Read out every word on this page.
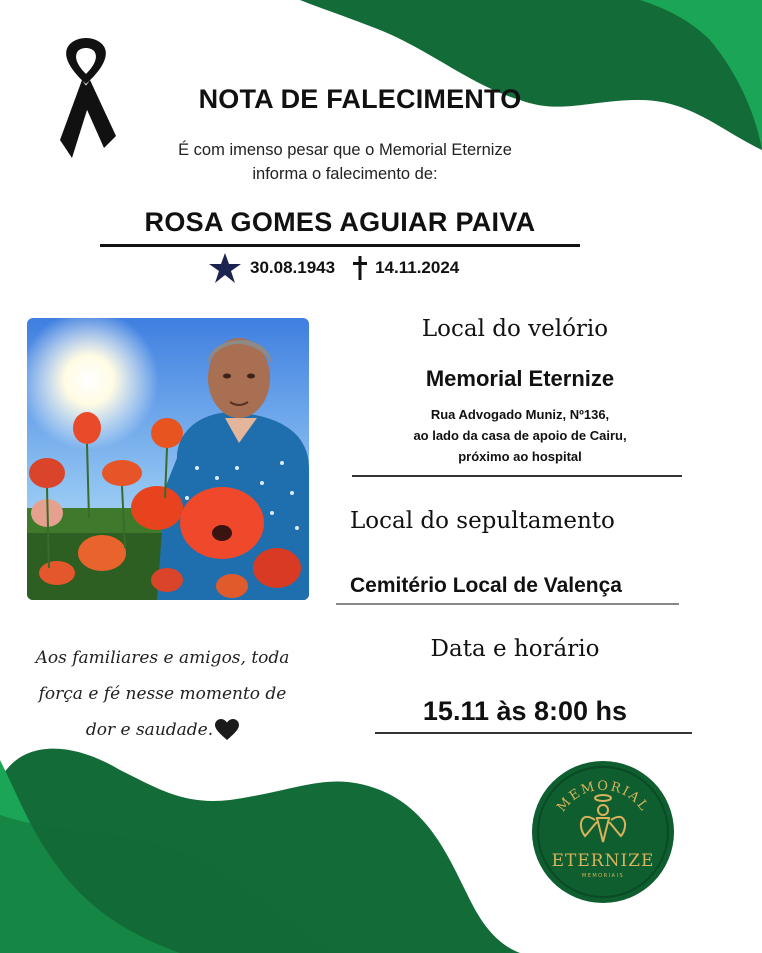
NOTA DE FALECIMENTO
É com imenso pesar que o Memorial Eternize
informa o falecimento de:
ROSA GOMES AGUIAR PAIVA
30.08.1943 14.11.2024
Local do velório
Memorial Eternize
Rua Advogado Muniz, Nº136,
ao lado da casa de apoio de Cairu,
próximo ao hospital
Local do sepultamento
Cemitério Local de Valença
Data e horário
15.11 às 8:00 hs
Aos familiares e amigos, toda
força e fé nesse momento de
dor e saudade.
MEMORIAL
ETERNIZE
MEMORIAIS
